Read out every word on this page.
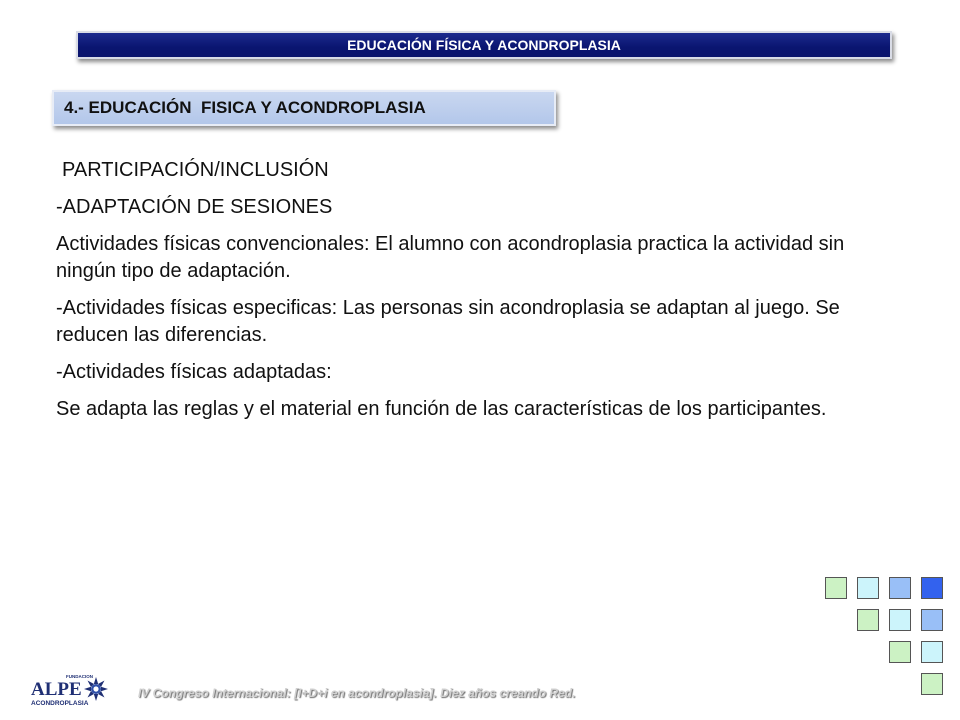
EDUCACIÓN FÍSICA Y ACONDROPLASIA
4.- EDUCACIÓN  FISICA Y ACONDROPLASIA

PARTICIPACIÓN/INCLUSIÓN

-ADAPTACIÓN DE SESIONES

Actividades físicas convencionales: El alumno con acondroplasia practica la actividad sin ningún tipo de adaptación.

-Actividades físicas especificas: Las personas sin acondroplasia se adaptan al juego. Se reducen las diferencias.

-Actividades físicas adaptadas:

Se adapta las reglas y el material en función de las características de los participantes.

FUNDACION
ALPE
ACONDROPLASIA
IV Congreso Internacional: [I+D+i en acondroplasia]. Diez años creando Red.
